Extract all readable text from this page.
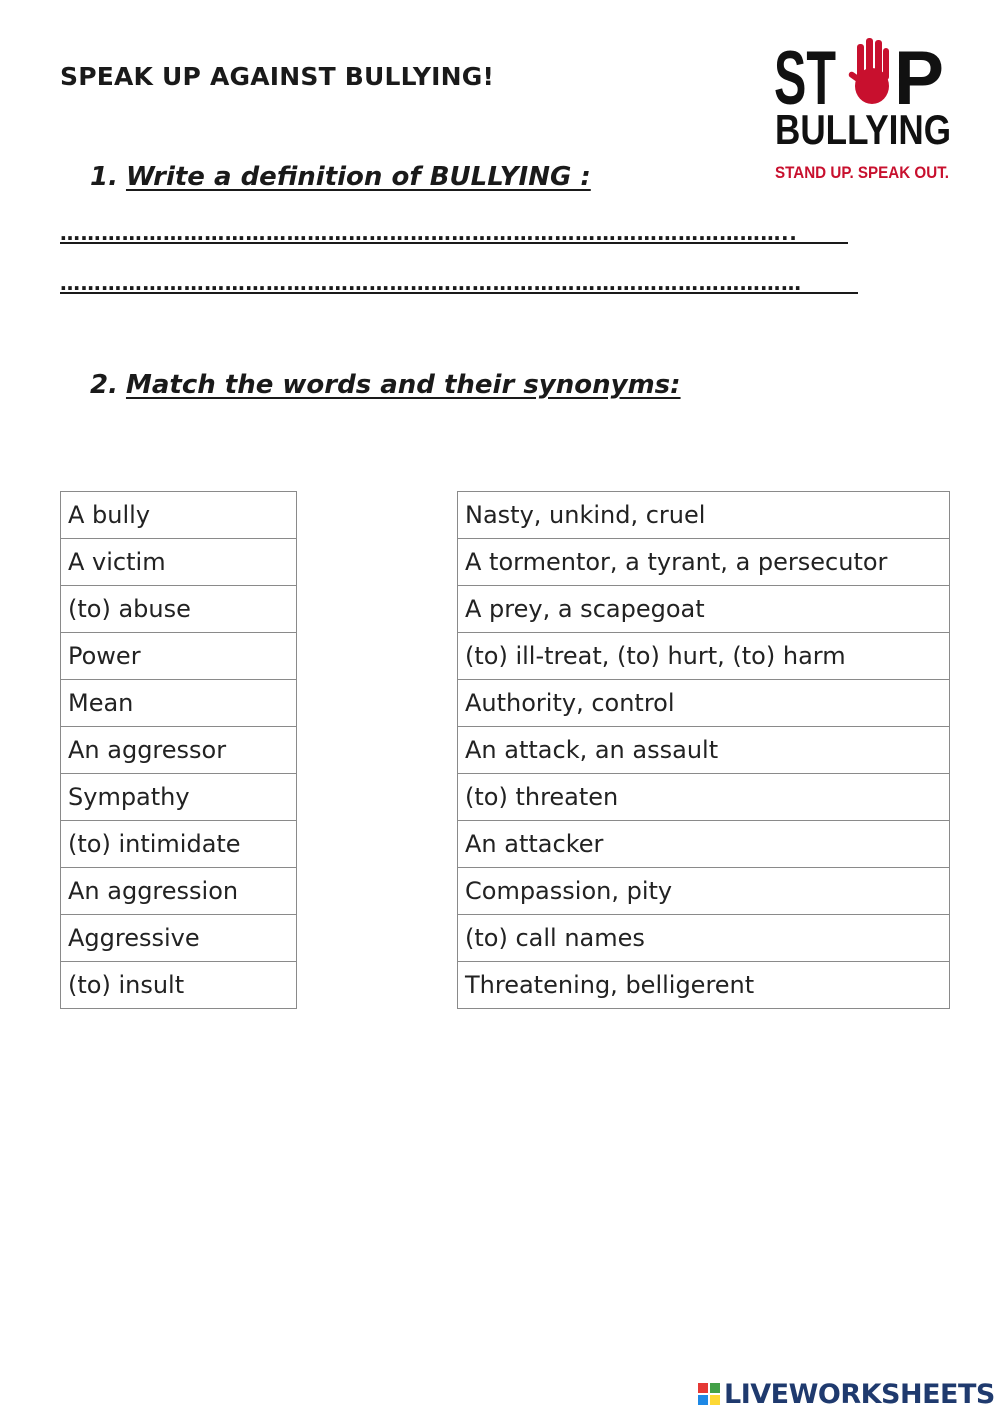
SPEAK UP AGAINST BULLYING!	ST P
BULLYING
STAND UP. SPEAK OUT.
1. Write a definition of BULLYING :
……………………………………………………………………………………………..
………………………………………………………………………………………………
2. Match the words and their synonyms:
A bully
A victim
(to) abuse
Power
Mean
An aggressor
Sympathy
(to) intimidate
An aggression
Aggressive
(to) insult
Nasty, unkind, cruel
A tormentor, a tyrant, a persecutor
A prey, a scapegoat
(to) ill-treat, (to) hurt, (to) harm
Authority, control
An attack, an assault
(to) threaten
An attacker
Compassion, pity
(to) call names
Threatening, belligerent
LIVEWORKSHEETS
